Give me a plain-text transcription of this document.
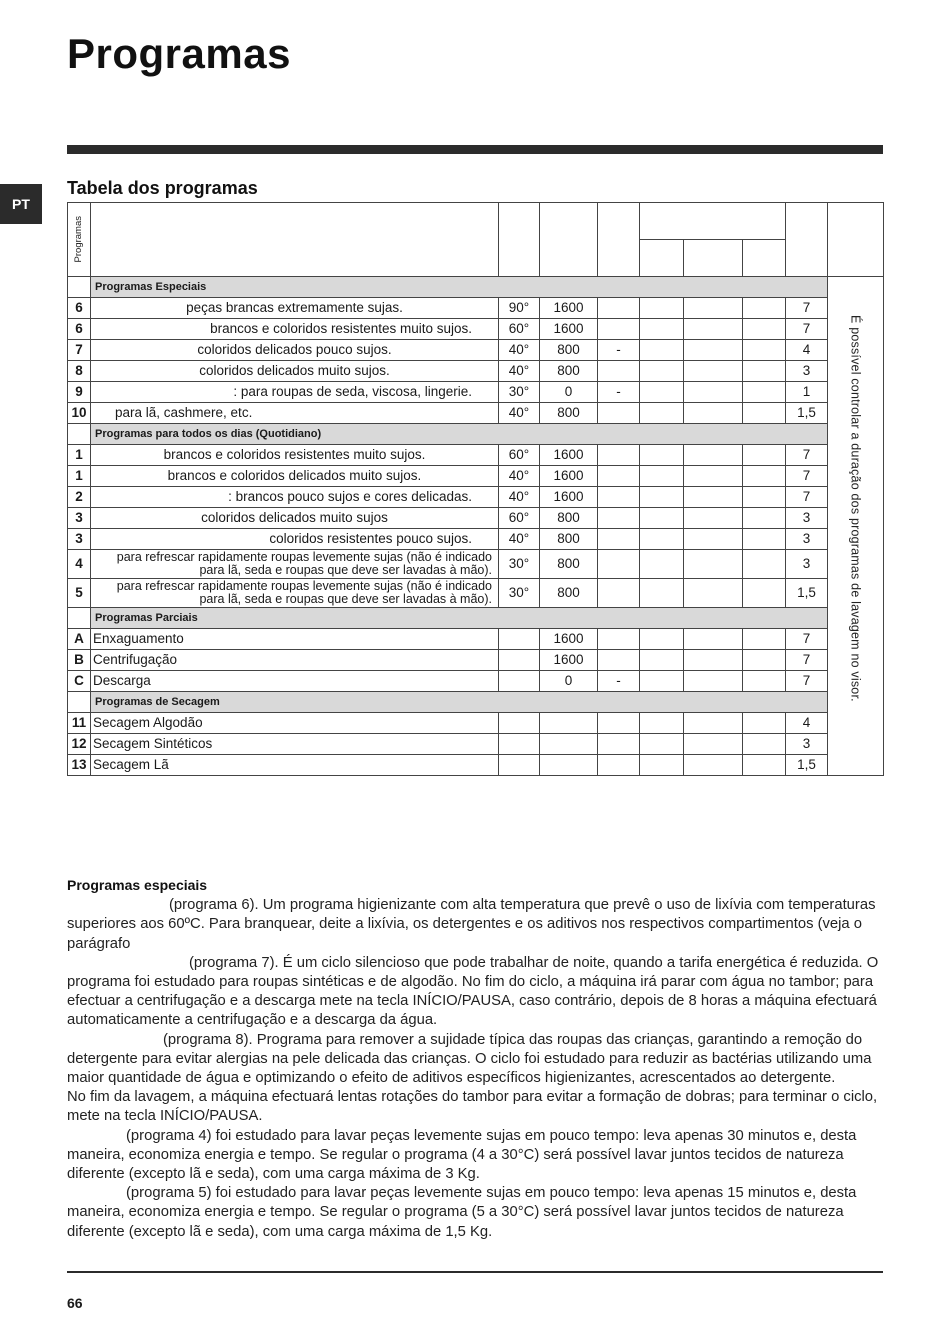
Programas
PT
Tabela dos programas
Programas									

	Programas Especiais								É possível controlar a duração dos programas de lavagem no visor.
6	peças brancas extremamente sujas.	90°	1600					7	
6	brancos e coloridos resistentes muito sujos.	60°	1600					7	
7	coloridos delicados pouco sujos.	40°	800	-				4	
8	coloridos delicados muito sujos.	40°	800					3	
9	: para roupas de seda, viscosa, lingerie.	30°	0	-				1	
10	para lã, cashmere, etc.	40°	800					1,5	
	Programas para todos os dias (Quotidiano)								
1	brancos e coloridos resistentes muito sujos.	60°	1600					7	
1	brancos e coloridos delicados muito sujos.	40°	1600					7	
2	: brancos pouco sujos e cores delicadas.	40°	1600					7	
3	coloridos delicados muito sujos	60°	800					3	
3	coloridos resistentes pouco sujos.	40°	800					3	
4	para refrescar rapidamente roupas levemente sujas (não é indicado para lã, seda e roupas que deve ser lavadas à mão).	30°	800					3	
5	para refrescar rapidamente roupas levemente sujas (não é indicado para lã, seda e roupas que deve ser lavadas à mão).	30°	800					1,5	
	Programas Parciais								
A	Enxaguamento		1600					7	
B	Centrifugação		1600					7	
C	Descarga		0	-				7	
	Programas de Secagem								
11	Secagem Algodão							4	
12	Secagem Sintéticos							3	
13	Secagem Lã							1,5	
Programas especiais

(programa 6). Um programa higienizante com alta temperatura que prevê o uso de lixívia com temperaturas superiores aos 60ºC. Para branquear, deite a lixívia, os detergentes e os aditivos nos respectivos compartimentos (veja o parágrafo

(programa 7). É um ciclo silencioso que pode trabalhar de noite, quando a tarifa energética é reduzida. O programa foi estudado para roupas sintéticas e de algodão. No fim do ciclo, a máquina irá parar com água no tambor; para efectuar a centrifugação e a descarga mete na tecla INÍCIO/PAUSA, caso contrário, depois de 8 horas a máquina efectuará automaticamente a centrifugação e a descarga da água.

(programa 8). Programa para remover a sujidade típica das roupas das crianças, garantindo a remoção do detergente para evitar alergias na pele delicada das crianças. O ciclo foi estudado para reduzir as bactérias utilizando uma maior quantidade de água e optimizando o efeito de aditivos específicos higienizantes, acrescentados ao detergente.

No fim da lavagem, a máquina efectuará lentas rotações do tambor para evitar a formação de dobras; para terminar o ciclo, mete na tecla INÍCIO/PAUSA.

(programa 4) foi estudado para lavar peças levemente sujas em pouco tempo: leva apenas 30 minutos e, desta maneira, economiza energia e tempo. Se regular o programa (4 a 30°C) será possível lavar juntos tecidos de natureza diferente (excepto lã e seda), com uma carga máxima de 3 Kg.

(programa 5) foi estudado para lavar peças levemente sujas em pouco tempo: leva apenas 15 minutos e, desta maneira, economiza energia e tempo. Se regular o programa (5 a 30°C) será possível lavar juntos tecidos de natureza diferente (excepto lã e seda), com uma carga máxima de 1,5 Kg.

66
